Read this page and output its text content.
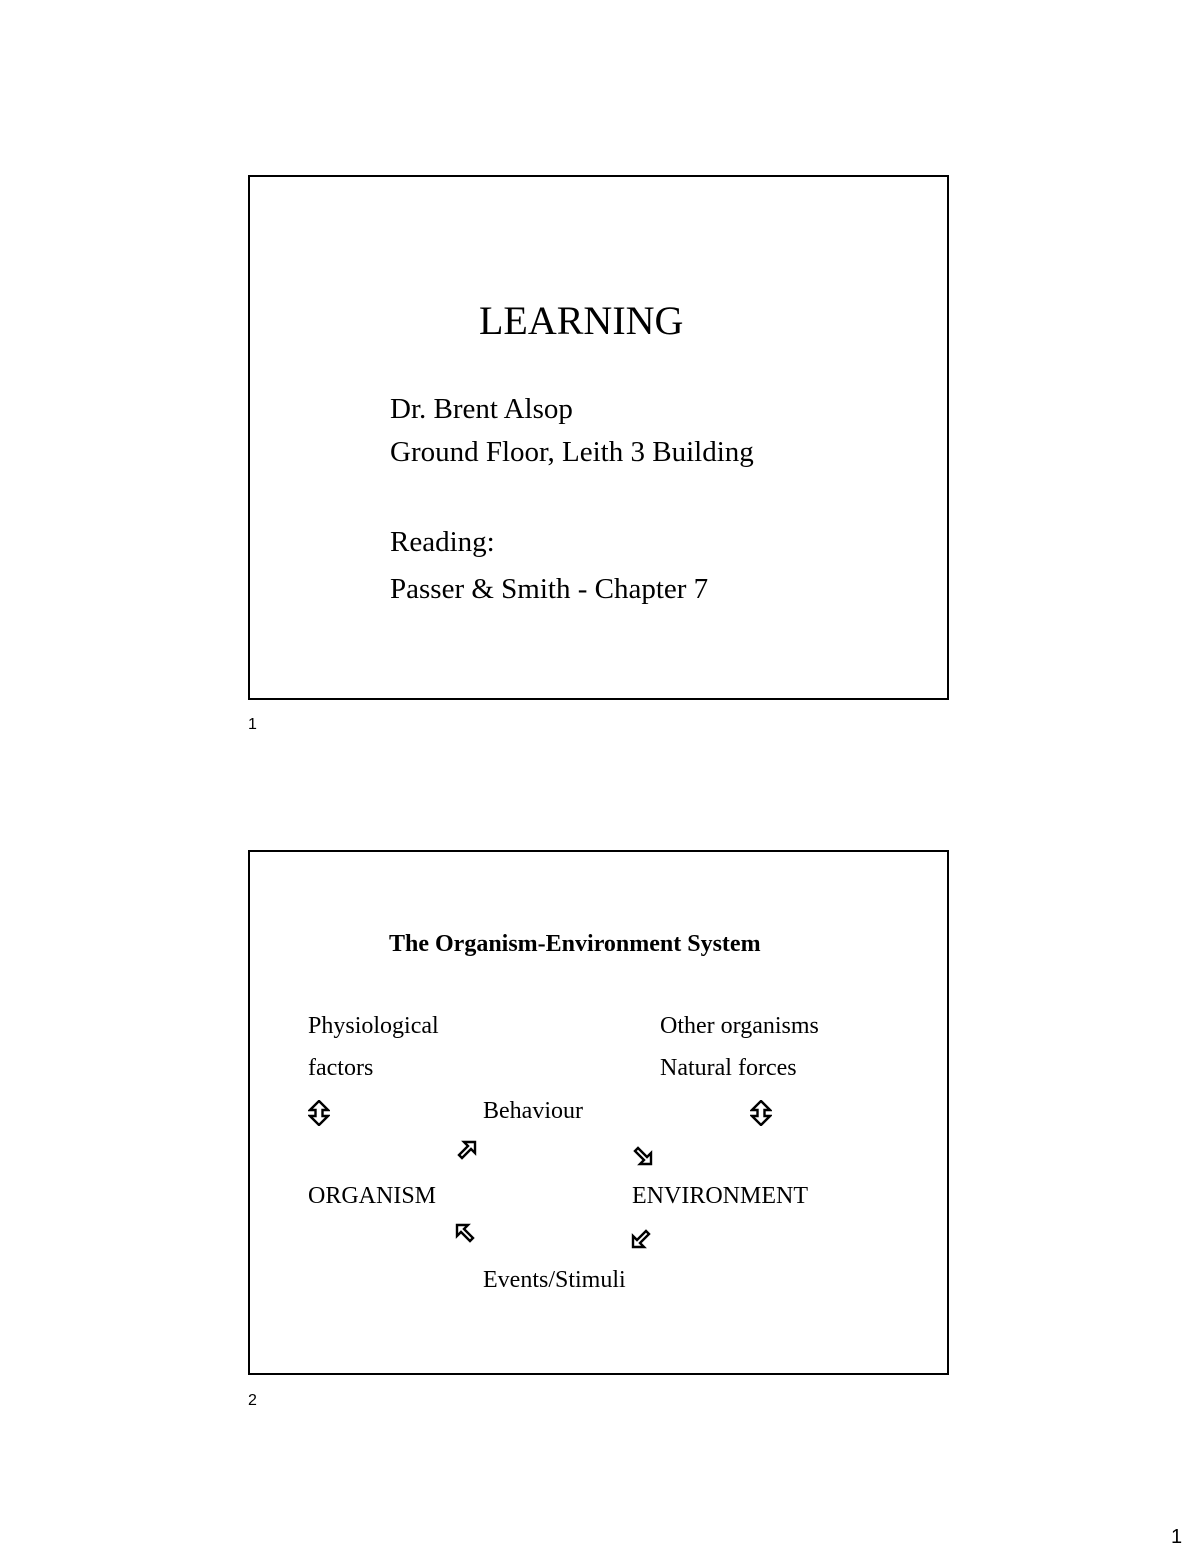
LEARNING
Dr. Brent Alsop
Ground Floor, Leith 3 Building
Reading:
Passer & Smith - Chapter 7
1
The Organism-Environment System
Physiological
factors
Other organisms
Natural forces
Behaviour
ORGANISM	ENVIRONMENT
Events/Stimuli
2
1
